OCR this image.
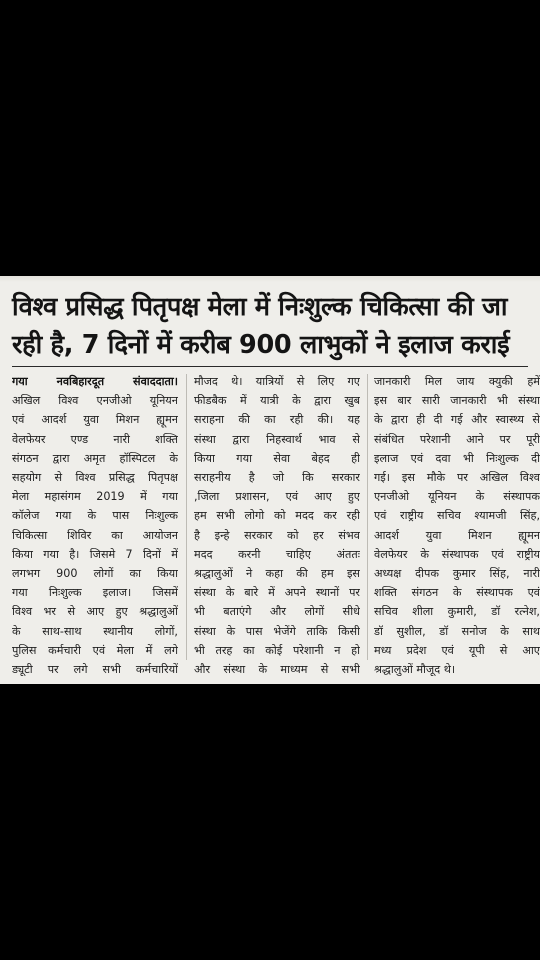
विश्व प्रसिद्ध पितृपक्ष मेला में निःशुल्क चिकित्सा की जा
रही है, 7 दिनों में करीब 900 लाभुकों ने इलाज कराई
गया नवबिहारदूत संवाददाता।
अखिल विश्व एनजीओ यूनियन
एवं आदर्श युवा मिशन ह्यूमन
वेलफेयर एण्ड नारी शक्ति
संगठन द्वारा अमृत हॉस्पिटल के
सहयोग से विश्व प्रसिद्ध पितृपक्ष
मेला महासंगम 2019 में गया
कॉलेज गया के पास निःशुल्क
चिकित्सा शिविर का आयोजन
किया गया है। जिसमे 7 दिनों में
लगभग 900 लोगों का किया
गया निःशुल्क इलाज। जिसमें
विश्व भर से आए हुए श्रद्धालुओं
के साथ-साथ स्थानीय लोगों,
पुलिस कर्मचारी एवं मेला में लगे
ड्यूटी पर लगे सभी कर्मचारियों
मौजद थे। यात्रियों से लिए गए
फीडबैक में यात्री के द्वारा खुब
सराहना की का रही की। यह
संस्था द्वारा निहस्वार्थ भाव से
किया गया सेवा बेहद ही
सराहनीय है जो कि सरकार
,जिला प्रशासन, एवं आए हुए
हम सभी लोगो को मदद कर रही
है इन्हे सरकार को हर संभव
मदद करनी चाहिए अंततः
श्रद्धालुओं ने कहा की हम इस
संस्था के बारे में अपने स्थानों पर
भी बताएंगे और लोगों सीधे
संस्था के पास भेजेंगे ताकि किसी
भी तरह का कोई परेशानी न हो
और संस्था के माध्यम से सभी
जानकारी मिल जाय क्युकी हमें
इस बार सारी जानकारी भी संस्था
के द्वारा ही दी गई और स्वास्थ्य से
संबंधित परेशानी आने पर पूरी
इलाज एवं दवा भी निःशुल्क दी
गई। इस मौके पर अखिल विश्व
एनजीओ यूनियन के संस्थापक
एवं राष्ट्रीय सचिव श्यामजी सिंह,
आदर्श युवा मिशन ह्यूमन
वेलफेयर के संस्थापक एवं राष्ट्रीय
अध्यक्ष दीपक कुमार सिंह, नारी
शक्ति संगठन के संस्थापक एवं
सचिव शीला कुमारी, डॉ रत्नेश,
डॉ सुशील, डॉ सनोज के साथ
मध्य प्रदेश एवं यूपी से आए
श्रद्धालुओं मौजूद थे।
